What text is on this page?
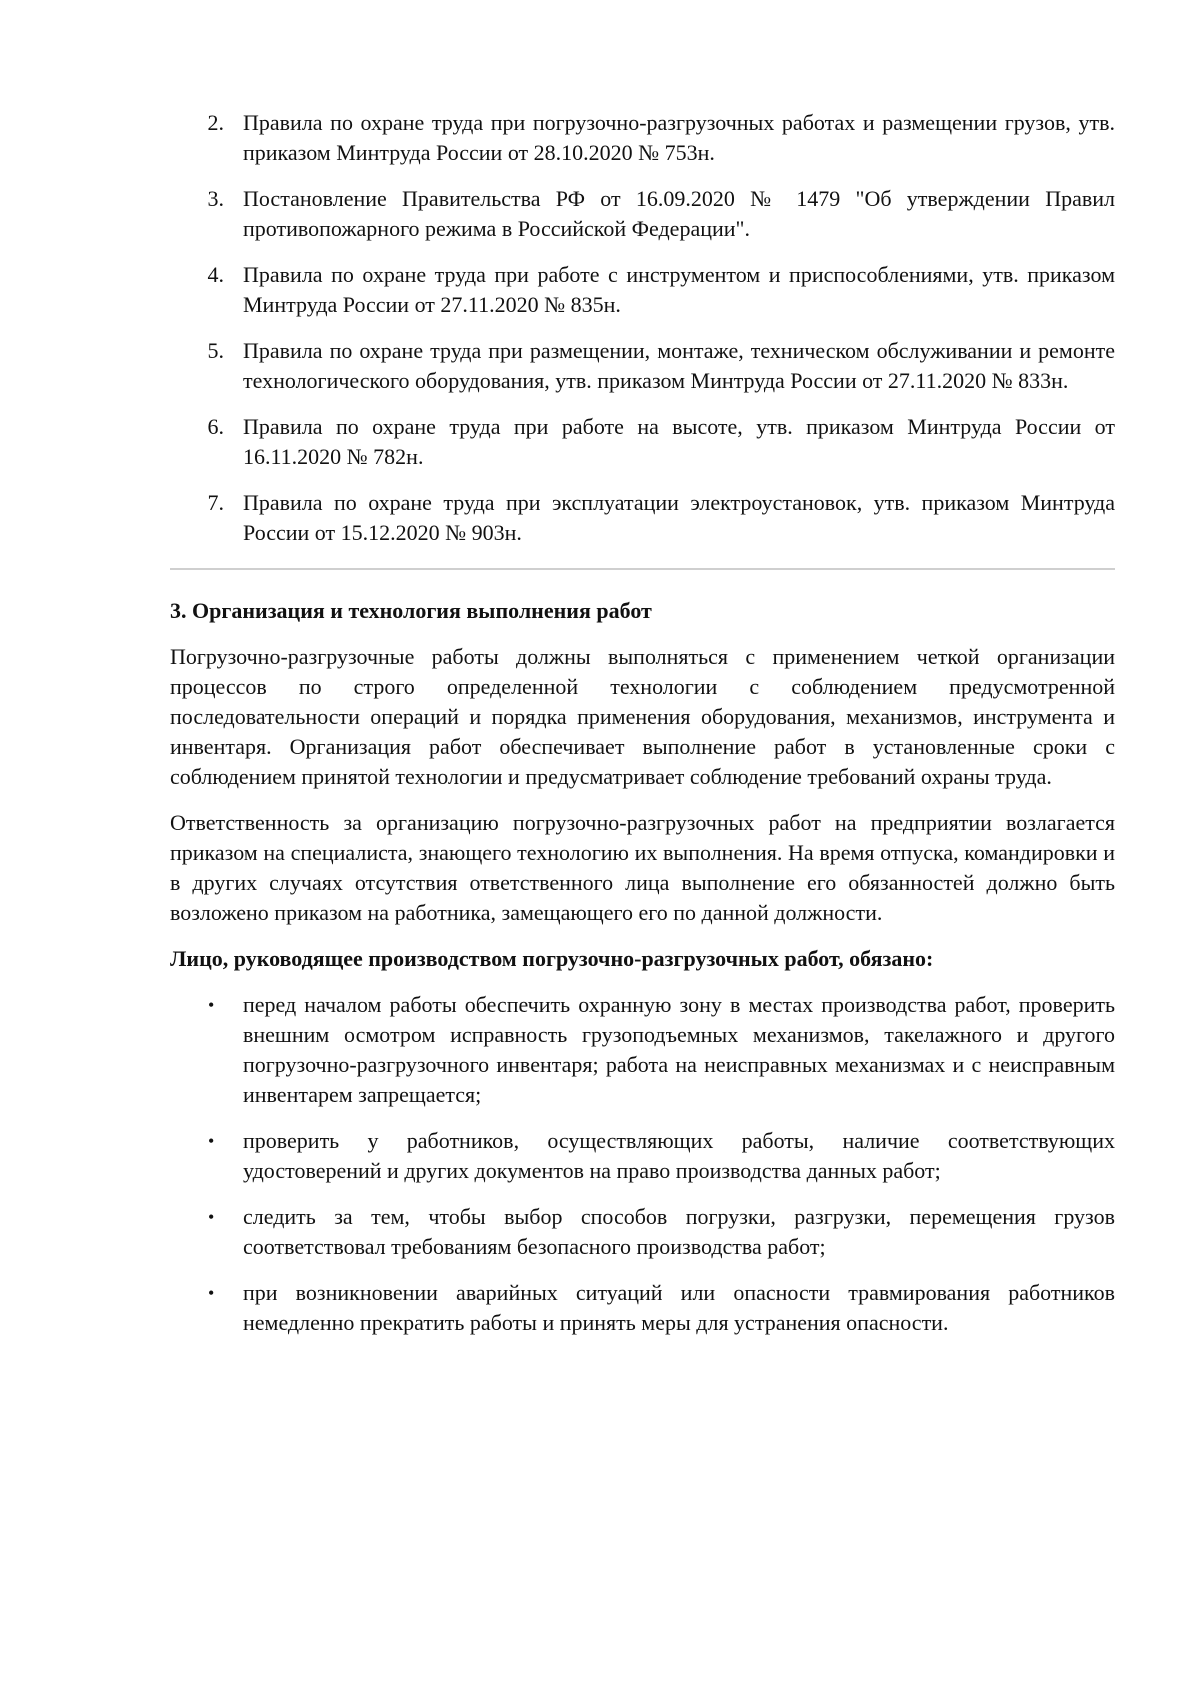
2. Правила по охране труда при погрузочно-разгрузочных работах и размещении грузов, утв. приказом Минтруда России от 28.10.2020 № 753н.
3. Постановление Правительства РФ от 16.09.2020 № 1479 "Об утверждении Правил противопожарного режима в Российской Федерации".
4. Правила по охране труда при работе с инструментом и приспособлениями, утв. приказом Минтруда России от 27.11.2020 № 835н.
5. Правила по охране труда при размещении, монтаже, техническом обслуживании и ремонте технологического оборудования, утв. приказом Минтруда России от 27.11.2020 № 833н.
6. Правила по охране труда при работе на высоте, утв. приказом Минтруда России от 16.11.2020 № 782н.
7. Правила по охране труда при эксплуатации электроустановок, утв. приказом Минтруда России от 15.12.2020 № 903н.
3. Организация и технология выполнения работ

Погрузочно-разгрузочные работы должны выполняться с применением четкой организации процессов по строго определенной технологии с соблюдением предусмотренной последовательности операций и порядка применения оборудования, механизмов, инструмента и инвентаря. Организация работ обеспечивает выполнение работ в установленные сроки с соблюдением принятой технологии и предусматривает соблюдение требований охраны труда.

Ответственность за организацию погрузочно-разгрузочных работ на предприятии возлагается приказом на специалиста, знающего технологию их выполнения. На время отпуска, командировки и в других случаях отсутствия ответственного лица выполнение его обязанностей должно быть возложено приказом на работника, замещающего его по данной должности.

Лицо, руководящее производством погрузочно-разгрузочных работ, обязано:

• перед началом работы обеспечить охранную зону в местах производства работ, проверить внешним осмотром исправность грузоподъемных механизмов, такелажного и другого погрузочно-разгрузочного инвентаря; работа на неисправных механизмах и с неисправным инвентарем запрещается;
• проверить у работников, осуществляющих работы, наличие соответствующих удостоверений и других документов на право производства данных работ;
• следить за тем, чтобы выбор способов погрузки, разгрузки, перемещения грузов соответствовал требованиям безопасного производства работ;
• при возникновении аварийных ситуаций или опасности травмирования работников немедленно прекратить работы и принять меры для устранения опасности.
